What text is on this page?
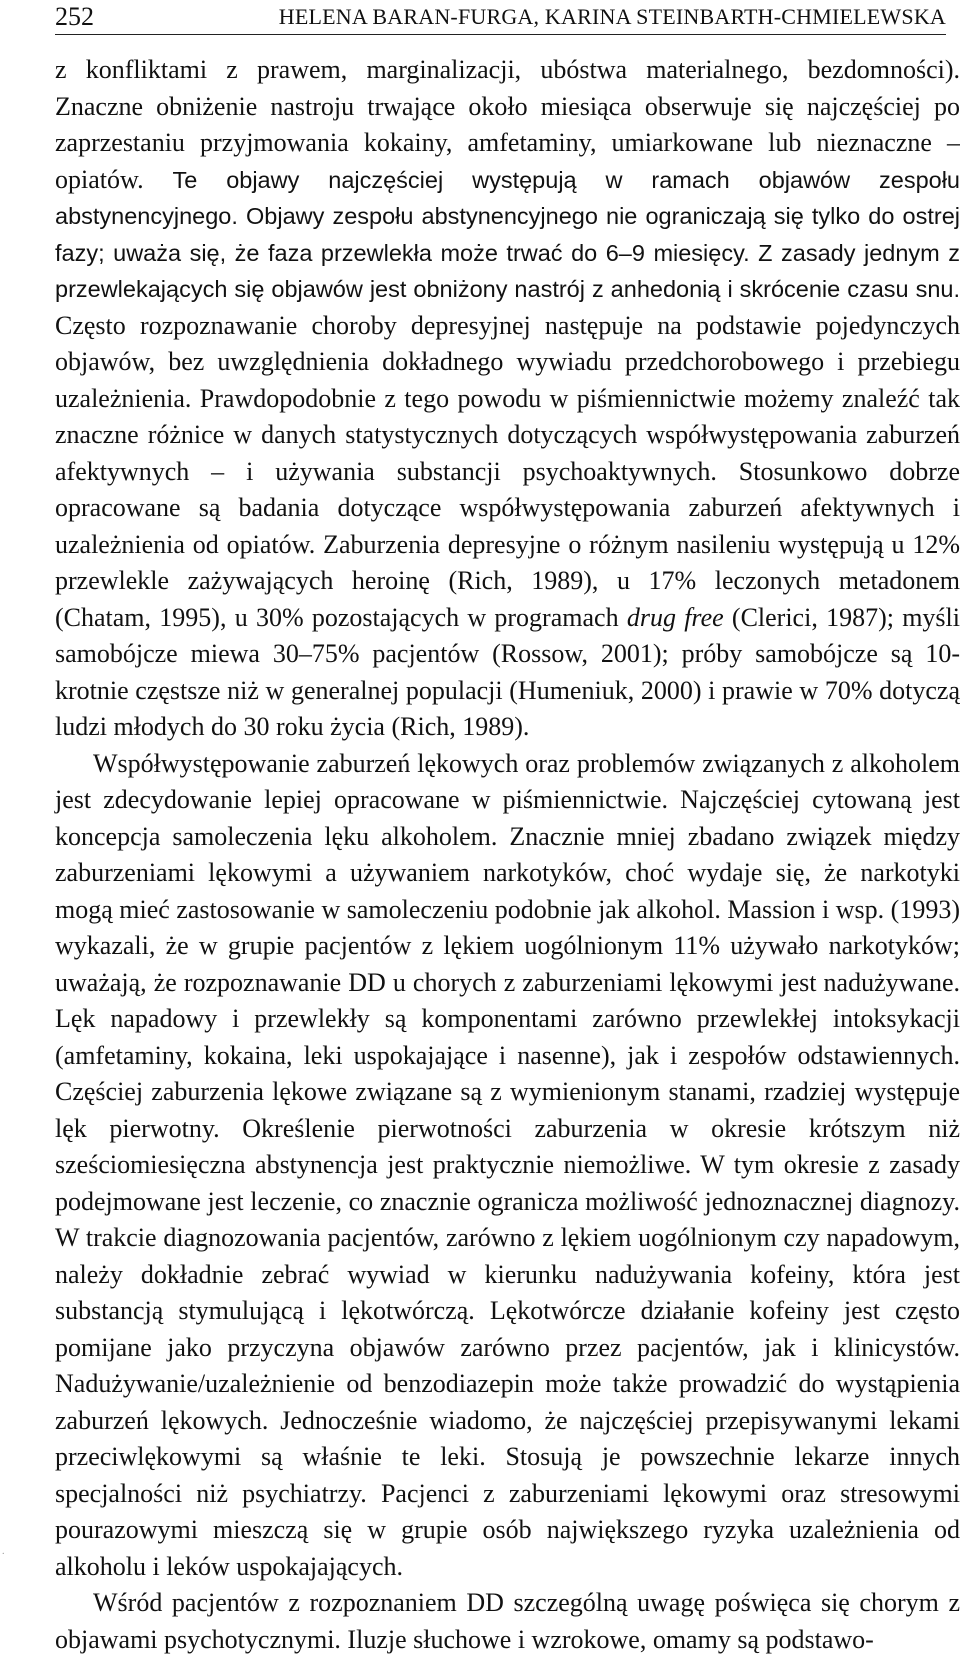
252	HELENA BARAN-FURGA, KARINA STEINBARTH-CHMIELEWSKA

z konfliktami z prawem, marginalizacji, ubóstwa materialnego, bezdomności). Znaczne obniżenie nastroju trwające około miesiąca obserwuje się najczęściej po zaprzestaniu przyjmowania kokainy, amfetaminy, umiarkowane lub nieznaczne – opiatów. Te objawy najczęściej występują w ramach objawów zespołu abstynencyjnego. Objawy zespołu abstynencyjnego nie ograniczają się tylko do ostrej fazy; uważa się, że faza przewlekła może trwać do 6–9 miesięcy. Z zasady jednym z przewlekających się objawów jest obniżony nastrój z anhedonią i skrócenie czasu snu. Często rozpoznawanie choroby depresyjnej następuje na podstawie pojedynczych objawów, bez uwzględnienia dokładnego wywiadu przedchorobowego i przebiegu uzależnienia. Prawdopodobnie z tego powodu w piśmiennictwie możemy znaleźć tak znaczne różnice w danych statystycznych dotyczących współwystępowania zaburzeń afektywnych – i używania substancji psychoaktywnych. Stosunkowo dobrze opracowane są badania dotyczące współwystępowania zaburzeń afektywnych i uzależnienia od opiatów. Zaburzenia depresyjne o różnym nasileniu występują u 12% przewlekle zażywających heroinę (Rich, 1989), u 17% leczonych metadonem (Chatam, 1995), u 30% pozostających w programach drug free (Clerici, 1987); myśli samobójcze miewa 30–75% pacjentów (Rossow, 2001); próby samobójcze są 10-krotnie częstsze niż w generalnej populacji (Humeniuk, 2000) i prawie w 70% dotyczą ludzi młodych do 30 roku życia (Rich, 1989).

Współwystępowanie zaburzeń lękowych oraz problemów związanych z alkoholem jest zdecydowanie lepiej opracowane w piśmiennictwie. Najczęściej cytowaną jest koncepcja samoleczenia lęku alkoholem. Znacznie mniej zbadano związek między zaburzeniami lękowymi a używaniem narkotyków, choć wydaje się, że narkotyki mogą mieć zastosowanie w samoleczeniu podobnie jak alkohol. Massion i wsp. (1993) wykazali, że w grupie pacjentów z lękiem uogólnionym 11% używało narkotyków; uważają, że rozpoznawanie DD u chorych z zaburzeniami lękowymi jest nadużywane. Lęk napadowy i przewlekły są komponentami zarówno przewlekłej intoksykacji (amfetaminy, kokaina, leki uspokajające i nasenne), jak i zespołów odstawiennych. Częściej zaburzenia lękowe związane są z wymienionym stanami, rzadziej występuje lęk pierwotny. Określenie pierwotności zaburzenia w okresie krótszym niż sześciomiesięczna abstynencja jest praktycznie niemożliwe. W tym okresie z zasady podejmowane jest leczenie, co znacznie ogranicza możliwość jednoznacznej diagnozy. W trakcie diagnozowania pacjentów, zarówno z lękiem uogólnionym czy napadowym, należy dokładnie zebrać wywiad w kierunku nadużywania kofeiny, która jest substancją stymulującą i lękotwórczą. Lękotwórcze działanie kofeiny jest często pomijane jako przyczyna objawów zarówno przez pacjentów, jak i klinicystów. Nadużywanie/uzależnienie od benzodiazepin może także prowadzić do wystąpienia zaburzeń lękowych. Jednocześnie wiadomo, że najczęściej przepisywanymi lekami przeciwlękowymi są właśnie te leki. Stosują je powszechnie lekarze innych specjalności niż psychiatrzy. Pacjenci z zaburzeniami lękowymi oraz stresowymi pourazowymi mieszczą się w grupie osób największego ryzyka uzależnienia od alkoholu i leków uspokajających.

Wśród pacjentów z rozpoznaniem DD szczególną uwagę poświęca się chorym z objawami psychotycznymi. Iluzje słuchowe i wzrokowe, omamy są podstawo-

.
